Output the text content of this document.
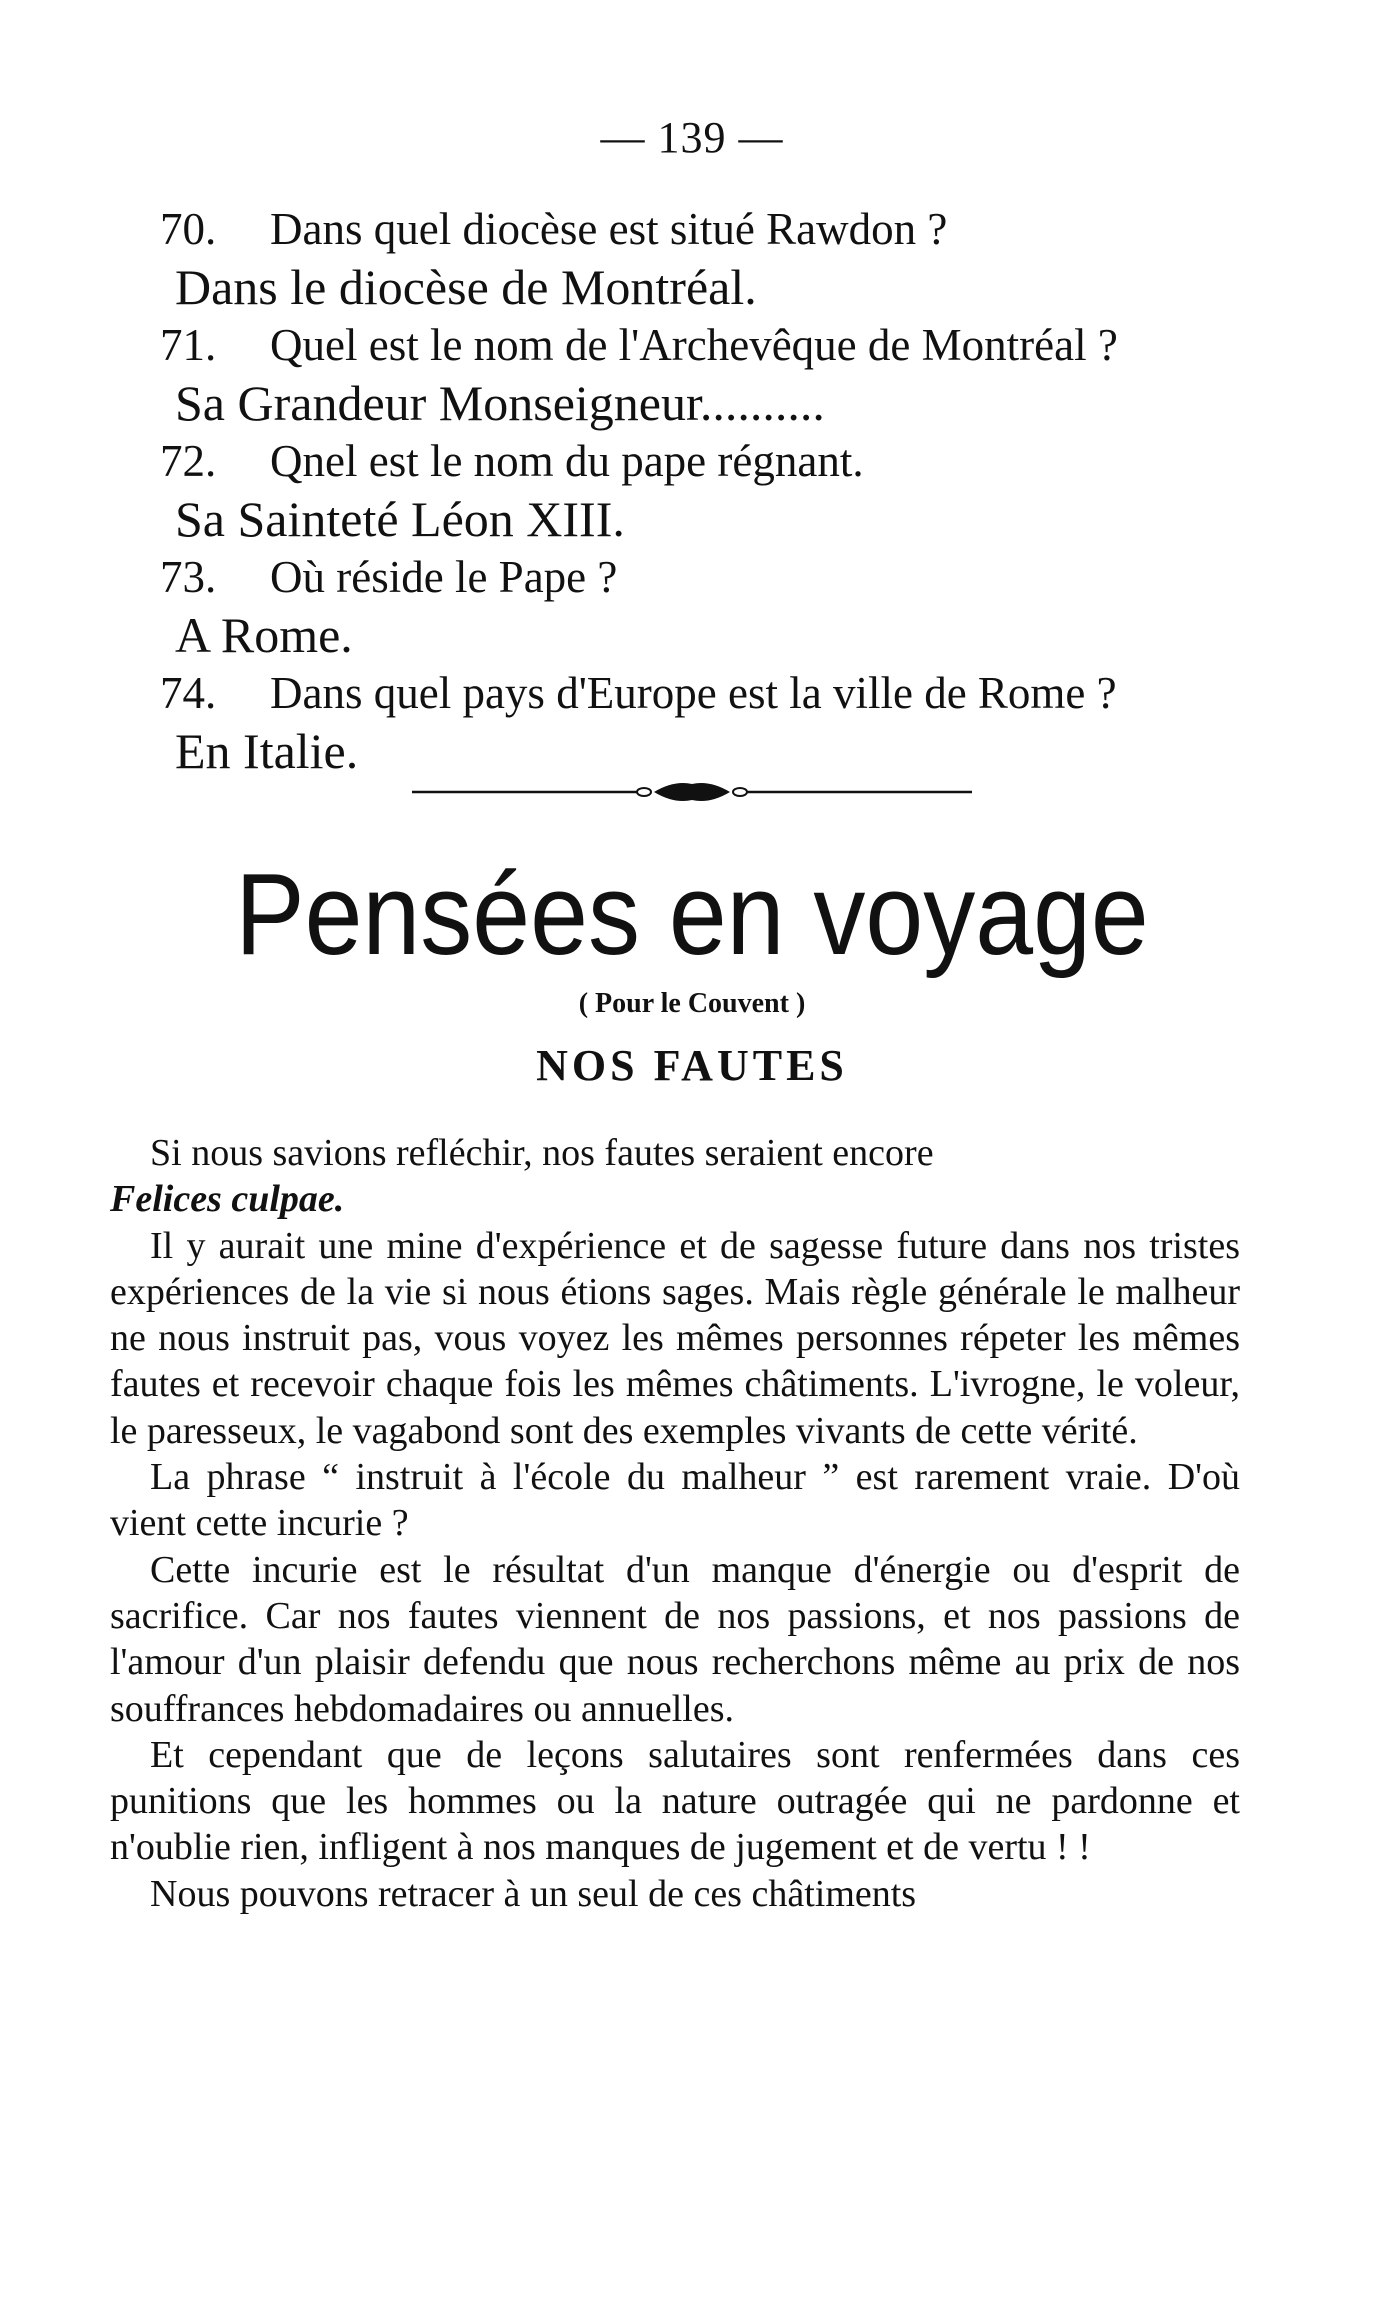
— 139 —
70. Dans quel diocèse est situé Rawdon ?
Dans le diocèse de Montréal.
71. Quel est le nom de l'Archevêque de Montréal ?
Sa Grandeur Monseigneur..........
72. Qnel est le nom du pape régnant.
Sa Sainteté Léon XIII.
73. Où réside le Pape ?
A Rome.
74. Dans quel pays d'Europe est la ville de Rome ?
En Italie.
Pensées en voyage
( Pour le Couvent )
NOS FAUTES

Si nous savions refléchir, nos fautes seraient encore
Felices culpae.

Il y aurait une mine d'expérience et de sagesse future dans nos tristes expériences de la vie si nous étions sages. Mais règle générale le malheur ne nous instruit pas, vous voyez les mêmes personnes répeter les mêmes fautes et recevoir chaque fois les mêmes châtiments. L'ivrogne, le voleur, le paresseux, le vagabond sont des exemples vivants de cette vérité.

La phrase “ instruit à l'école du malheur ” est rarement vraie. D'où vient cette incurie ?

Cette incurie est le résultat d'un manque d'énergie ou d'esprit de sacrifice. Car nos fautes viennent de nos passions, et nos passions de l'amour d'un plaisir defendu que nous recherchons même au prix de nos souffrances hebdomadaires ou annuelles.

Et cependant que de leçons salutaires sont renfermées dans ces punitions que les hommes ou la nature outragée qui ne pardonne et n'oublie rien, infligent à nos manques de jugement et de vertu ! !

Nous pouvons retracer à un seul de ces châtiments
